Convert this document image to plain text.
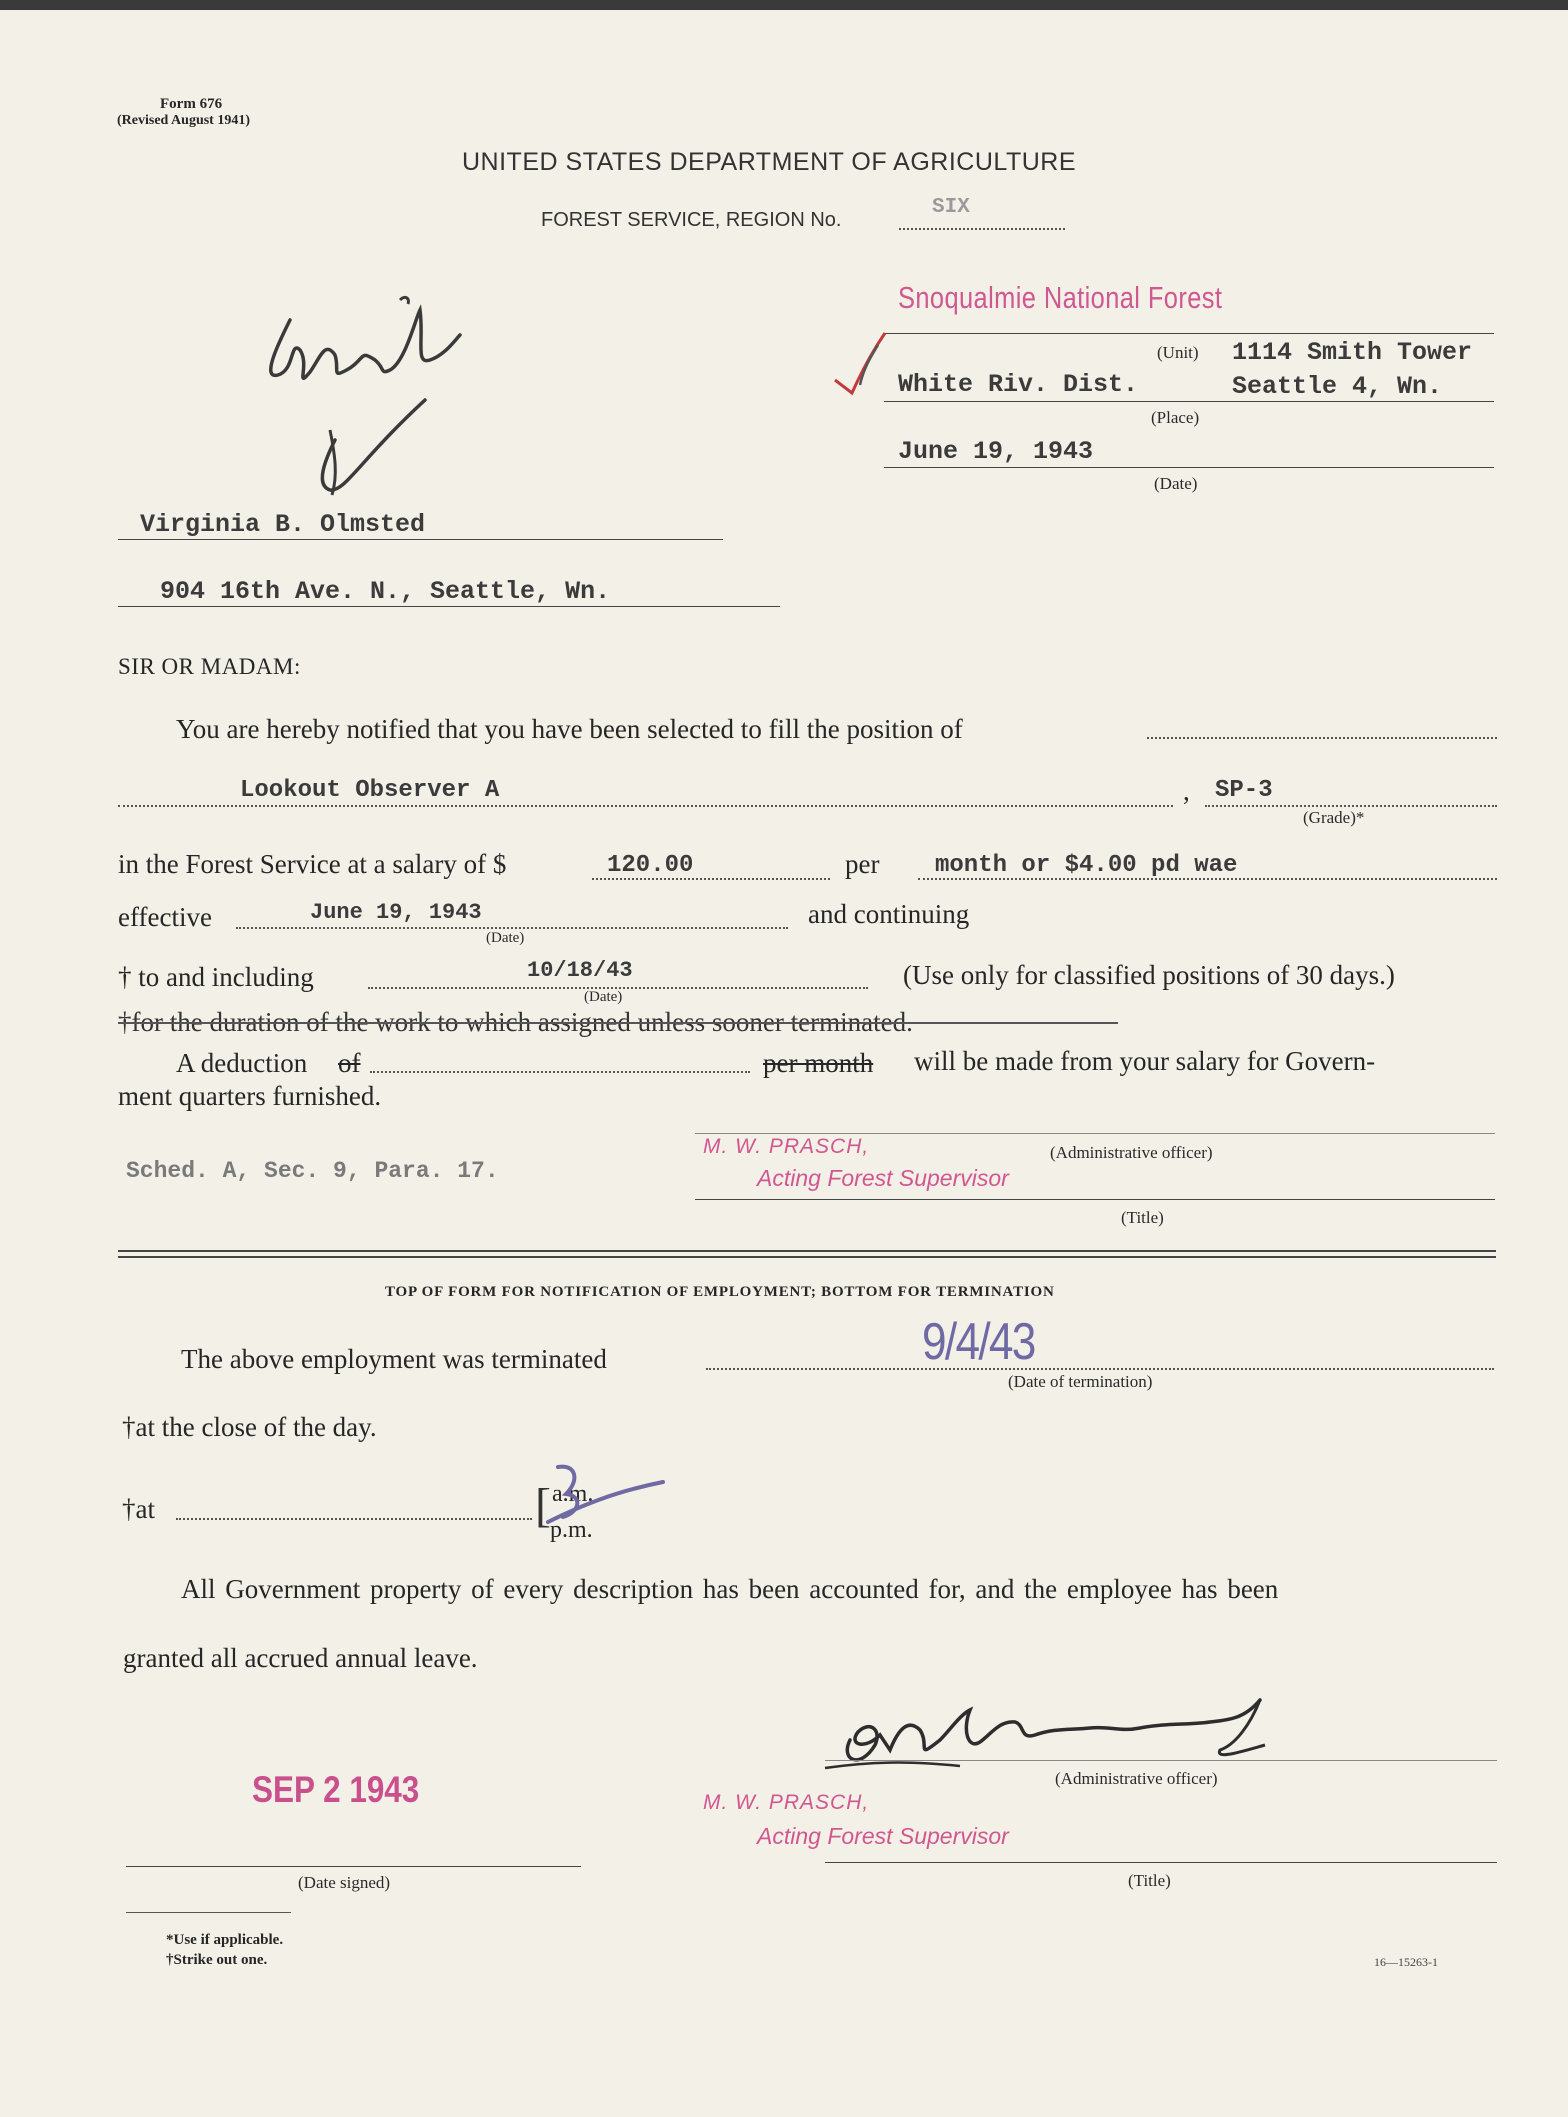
Form 676
(Revised August 1941)
UNITED STATES DEPARTMENT OF AGRICULTURE
FOREST SERVICE, REGION No.
SIX
Snoqualmie National Forest
(Unit) 1114 Smith Tower
White Riv. Dist.	Seattle 4, Wn.
(Place)
June 19, 1943
(Date)
Virginia B. Olmsted
904 16th Ave. N., Seattle, Wn.
SIR OR MADAM:
You are hereby notified that you have been selected to fill the position of
Lookout Observer A	, SP-3
(Grade)*
in the Forest Service at a salary of $	120.00	per month or $4.00 pd wae
effective	June 19, 1943
(Date)
and continuing
† to and including	10/18/43
(Date)
(Use only for classified positions of 30 days.)
†for the duration of the work to which assigned unless sooner terminated.
A deduction of	per month will be made from your salary for Govern-
ment quarters furnished.
Sched. A, Sec. 9, Para. 17.
M. W. PRASCH,	(Administrative officer)
Acting Forest Supervisor
(Title)
TOP OF FORM FOR NOTIFICATION OF EMPLOYMENT; BOTTOM FOR TERMINATION
The above employment was terminated	9/4/43
(Date of termination)
†at the close of the day.
†at	[ a.m.
p.m.
All Government property of every description has been accounted for, and the employee has been
granted all accrued annual leave.
SEP 2 1943	M. W. PRASCH,
(Administrative officer)
Acting Forest Supervisor
(Date signed)	(Title)
*Use if applicable.
†Strike out one.	16—15263-1
